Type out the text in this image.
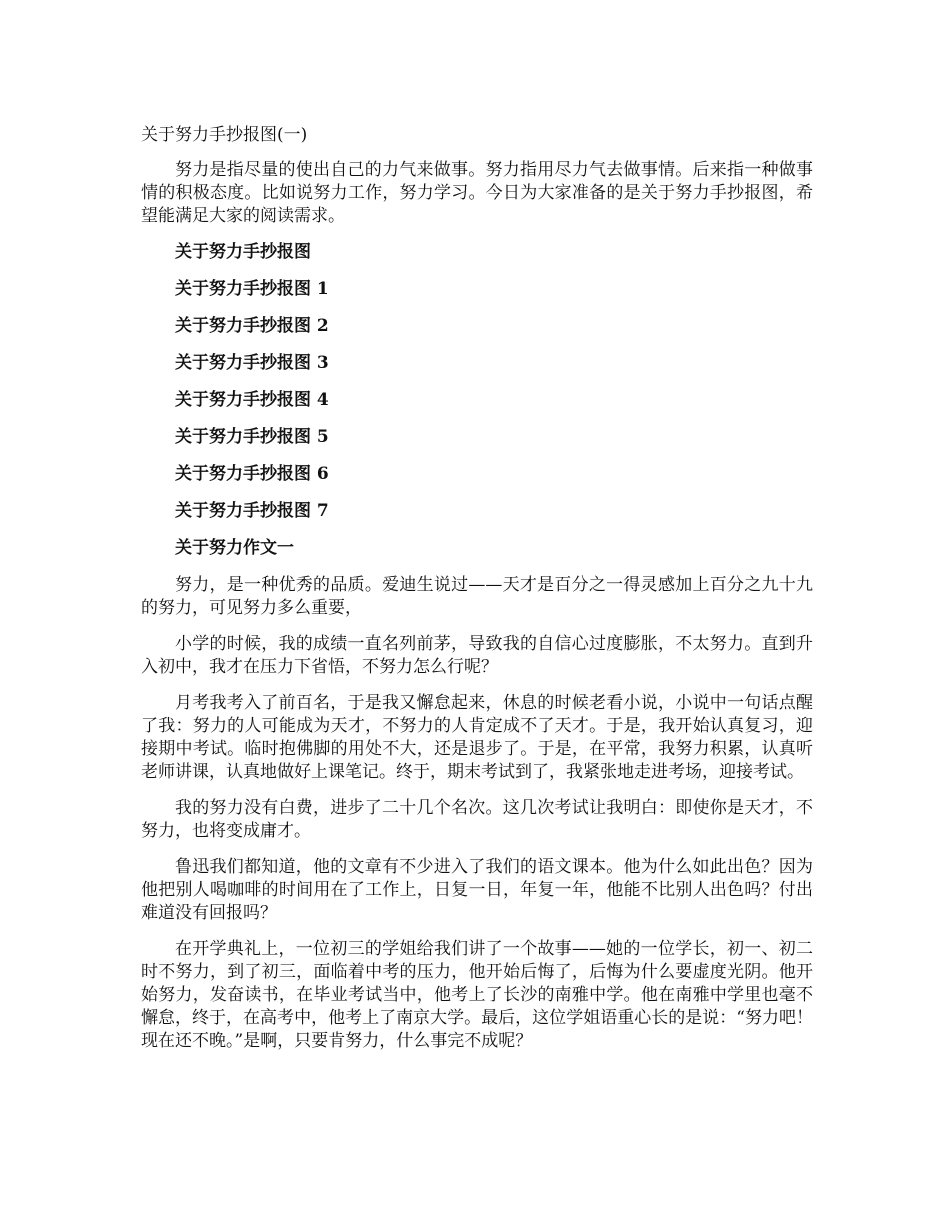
关于努力手抄报图(一)

努力是指尽量的使出自己的力气来做事。努力指用尽力气去做事情。后来指一种做事情的积极态度。比如说努力工作，努力学习。今日为大家准备的是关于努力手抄报图，希望能满足大家的阅读需求。

关于努力手抄报图

关于努力手抄报图 1

关于努力手抄报图 2

关于努力手抄报图 3

关于努力手抄报图 4

关于努力手抄报图 5

关于努力手抄报图 6

关于努力手抄报图 7

关于努力作文一

努力，是一种优秀的品质。爱迪生说过——天才是百分之一得灵感加上百分之九十九的努力，可见努力多么重要，

小学的时候，我的成绩一直名列前茅，导致我的自信心过度膨胀，不太努力。直到升入初中，我才在压力下省悟，不努力怎么行呢？

月考我考入了前百名，于是我又懈怠起来，休息的时候老看小说，小说中一句话点醒了我：努力的人可能成为天才，不努力的人肯定成不了天才。于是，我开始认真复习，迎接期中考试。临时抱佛脚的用处不大，还是退步了。于是，在平常，我努力积累，认真听老师讲课，认真地做好上课笔记。终于，期末考试到了，我紧张地走进考场，迎接考试。

我的努力没有白费，进步了二十几个名次。这几次考试让我明白：即使你是天才，不努力，也将变成庸才。

鲁迅我们都知道，他的文章有不少进入了我们的语文课本。他为什么如此出色？因为他把别人喝咖啡的时间用在了工作上，日复一日，年复一年，他能不比别人出色吗？付出难道没有回报吗？

在开学典礼上，一位初三的学姐给我们讲了一个故事——她的一位学长，初一、初二时不努力，到了初三，面临着中考的压力，他开始后悔了，后悔为什么要虚度光阴。他开始努力，发奋读书，在毕业考试当中，他考上了长沙的南雅中学。他在南雅中学里也毫不懈怠，终于，在高考中，他考上了南京大学。最后，这位学姐语重心长的是说：“努力吧！现在还不晚。”是啊，只要肯努力，什么事完不成呢？
